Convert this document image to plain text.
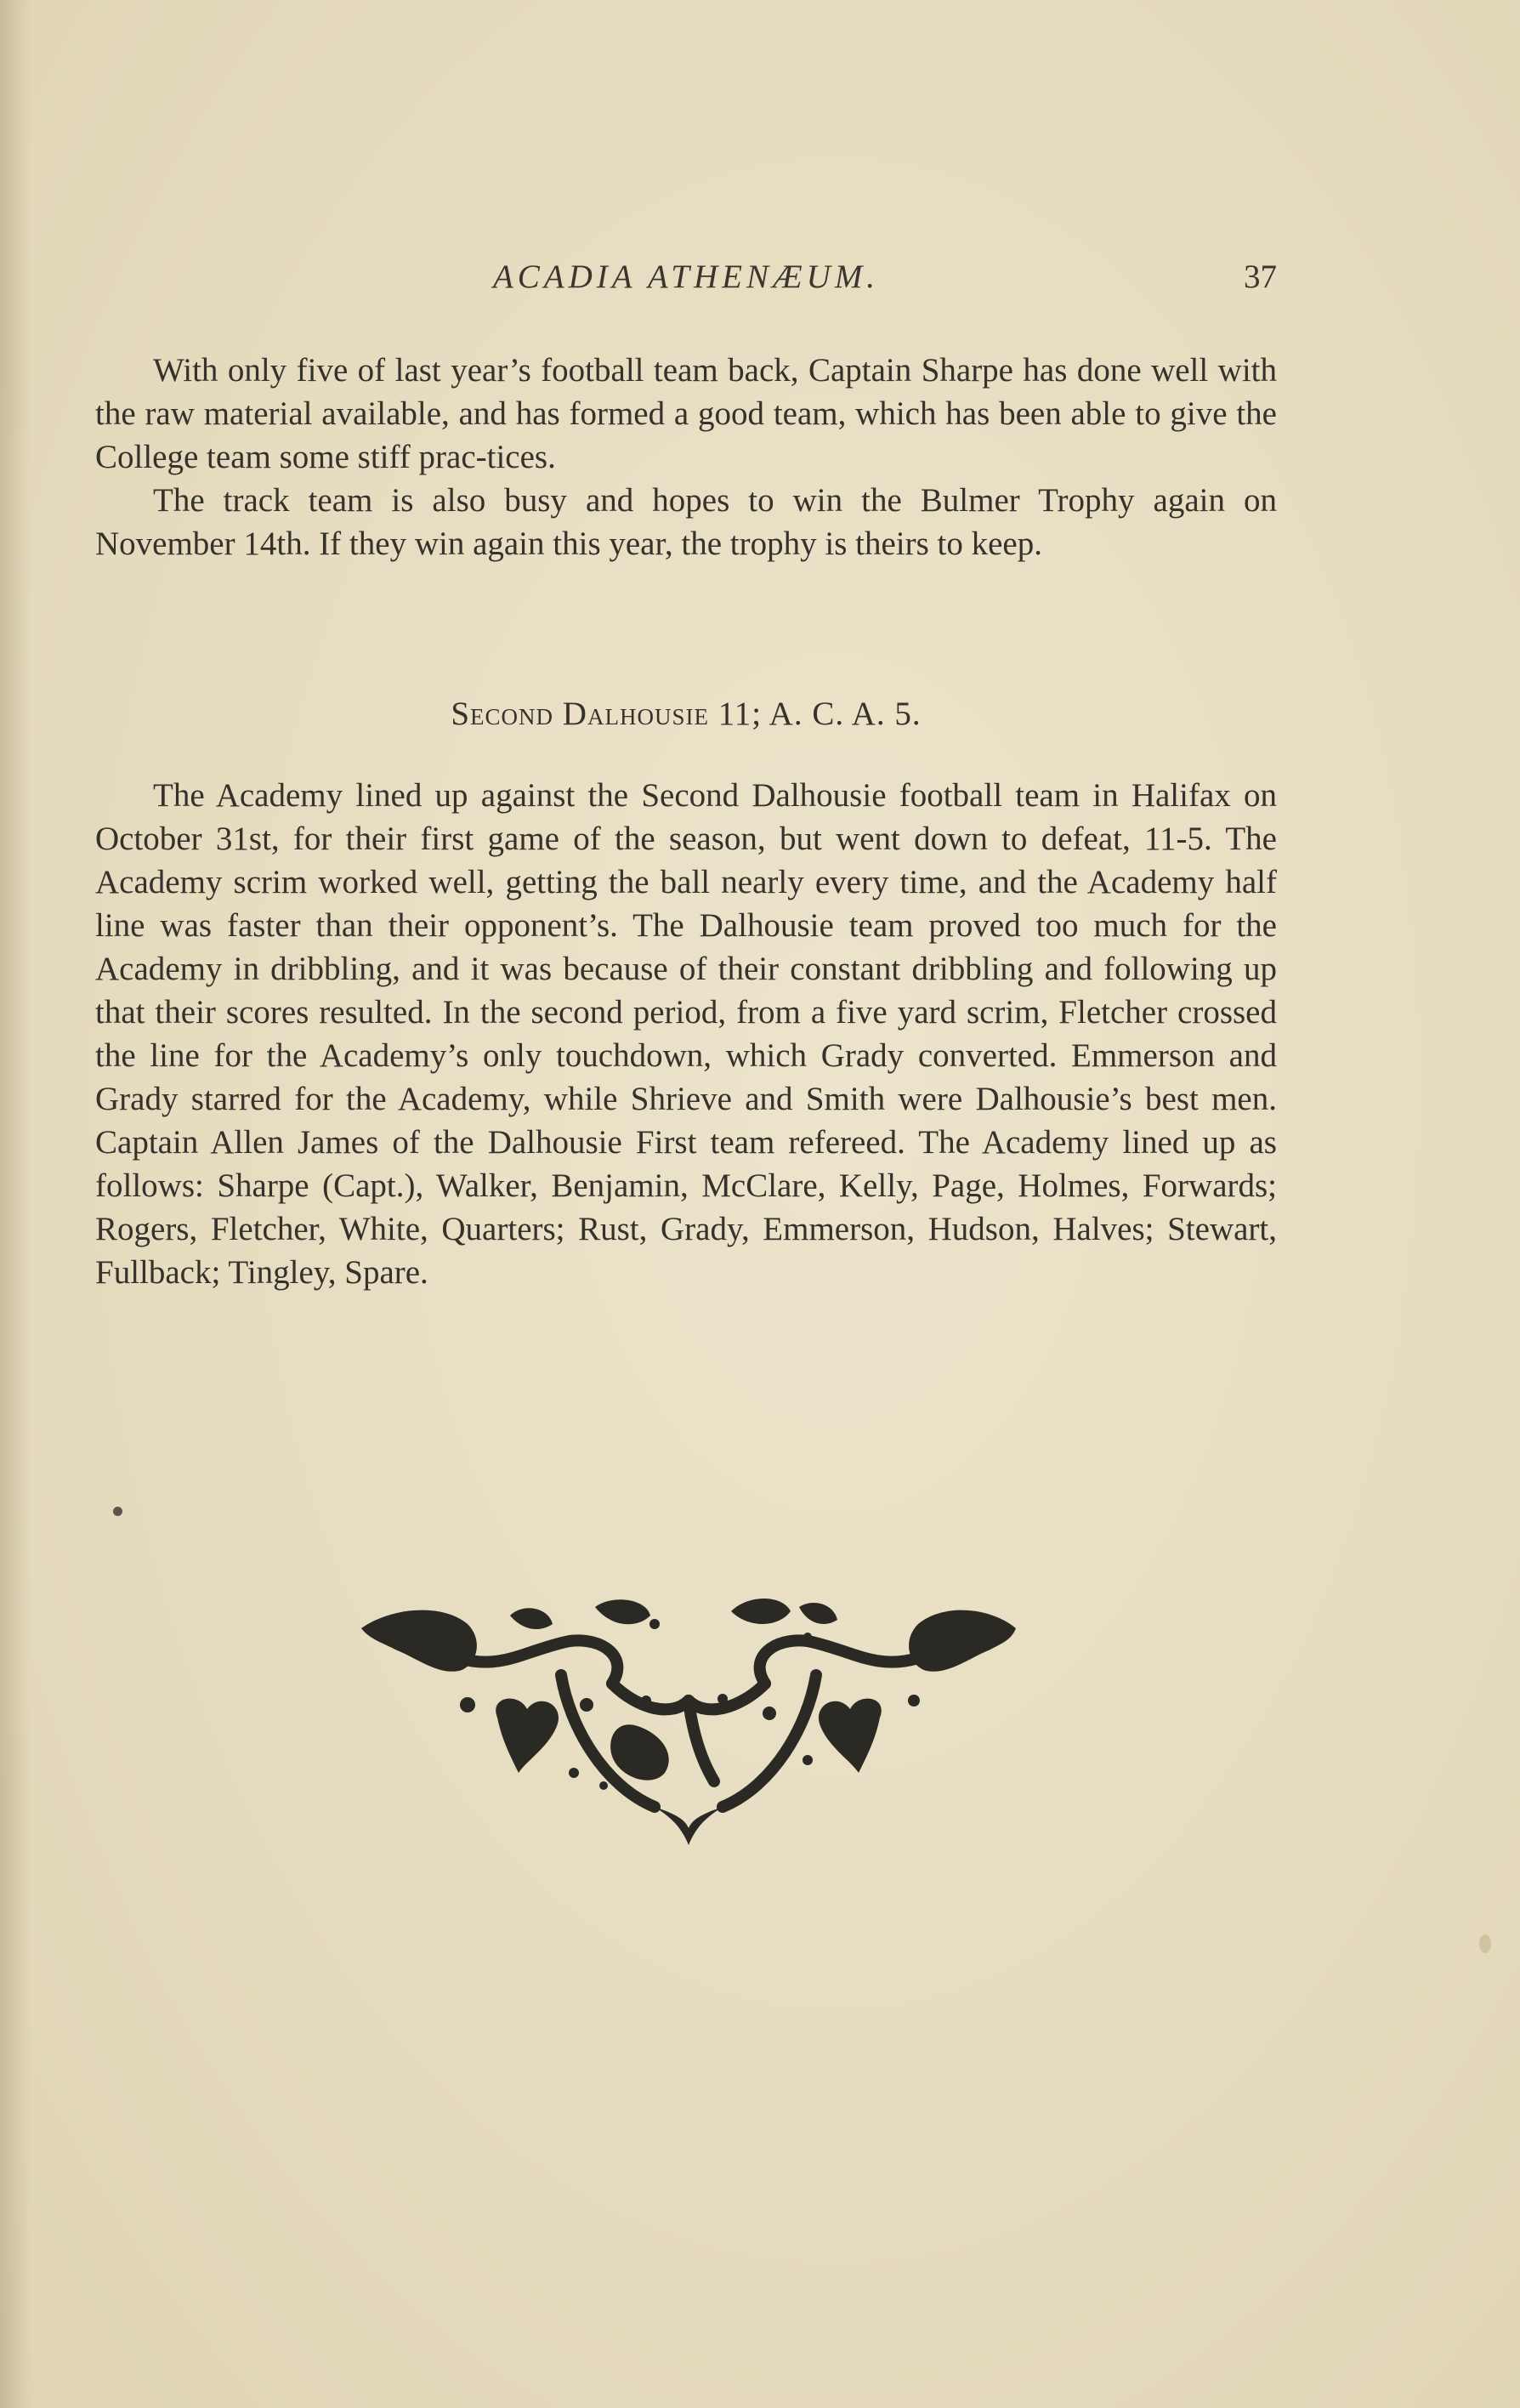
ACADIA ATHENÆUM.	37

With only five of last year’s football team back, Captain Sharpe has done well with the raw material available, and has formed a good team, which has been able to give the College team some stiff prac-tices.

The track team is also busy and hopes to win the Bulmer Trophy again on November 14th. If they win again this year, the trophy is theirs to keep.

Second Dalhousie 11; A. C. A. 5.

The Academy lined up against the Second Dalhousie football team in Halifax on October 31st, for their first game of the season, but went down to defeat, 11-5. The Academy scrim worked well, getting the ball nearly every time, and the Academy half line was faster than their opponent’s. The Dalhousie team proved too much for the Academy in dribbling, and it was because of their constant dribbling and following up that their scores resulted. In the second period, from a five yard scrim, Fletcher crossed the line for the Academy’s only touchdown, which Grady converted. Emmerson and Grady starred for the Academy, while Shrieve and Smith were Dalhousie’s best men. Captain Allen James of the Dalhousie First team refereed. The Academy lined up as follows: Sharpe (Capt.), Walker, Benjamin, McClare, Kelly, Page, Holmes, Forwards; Rogers, Fletcher, White, Quarters; Rust, Grady, Emmerson, Hudson, Halves; Stewart, Fullback; Tingley, Spare.
